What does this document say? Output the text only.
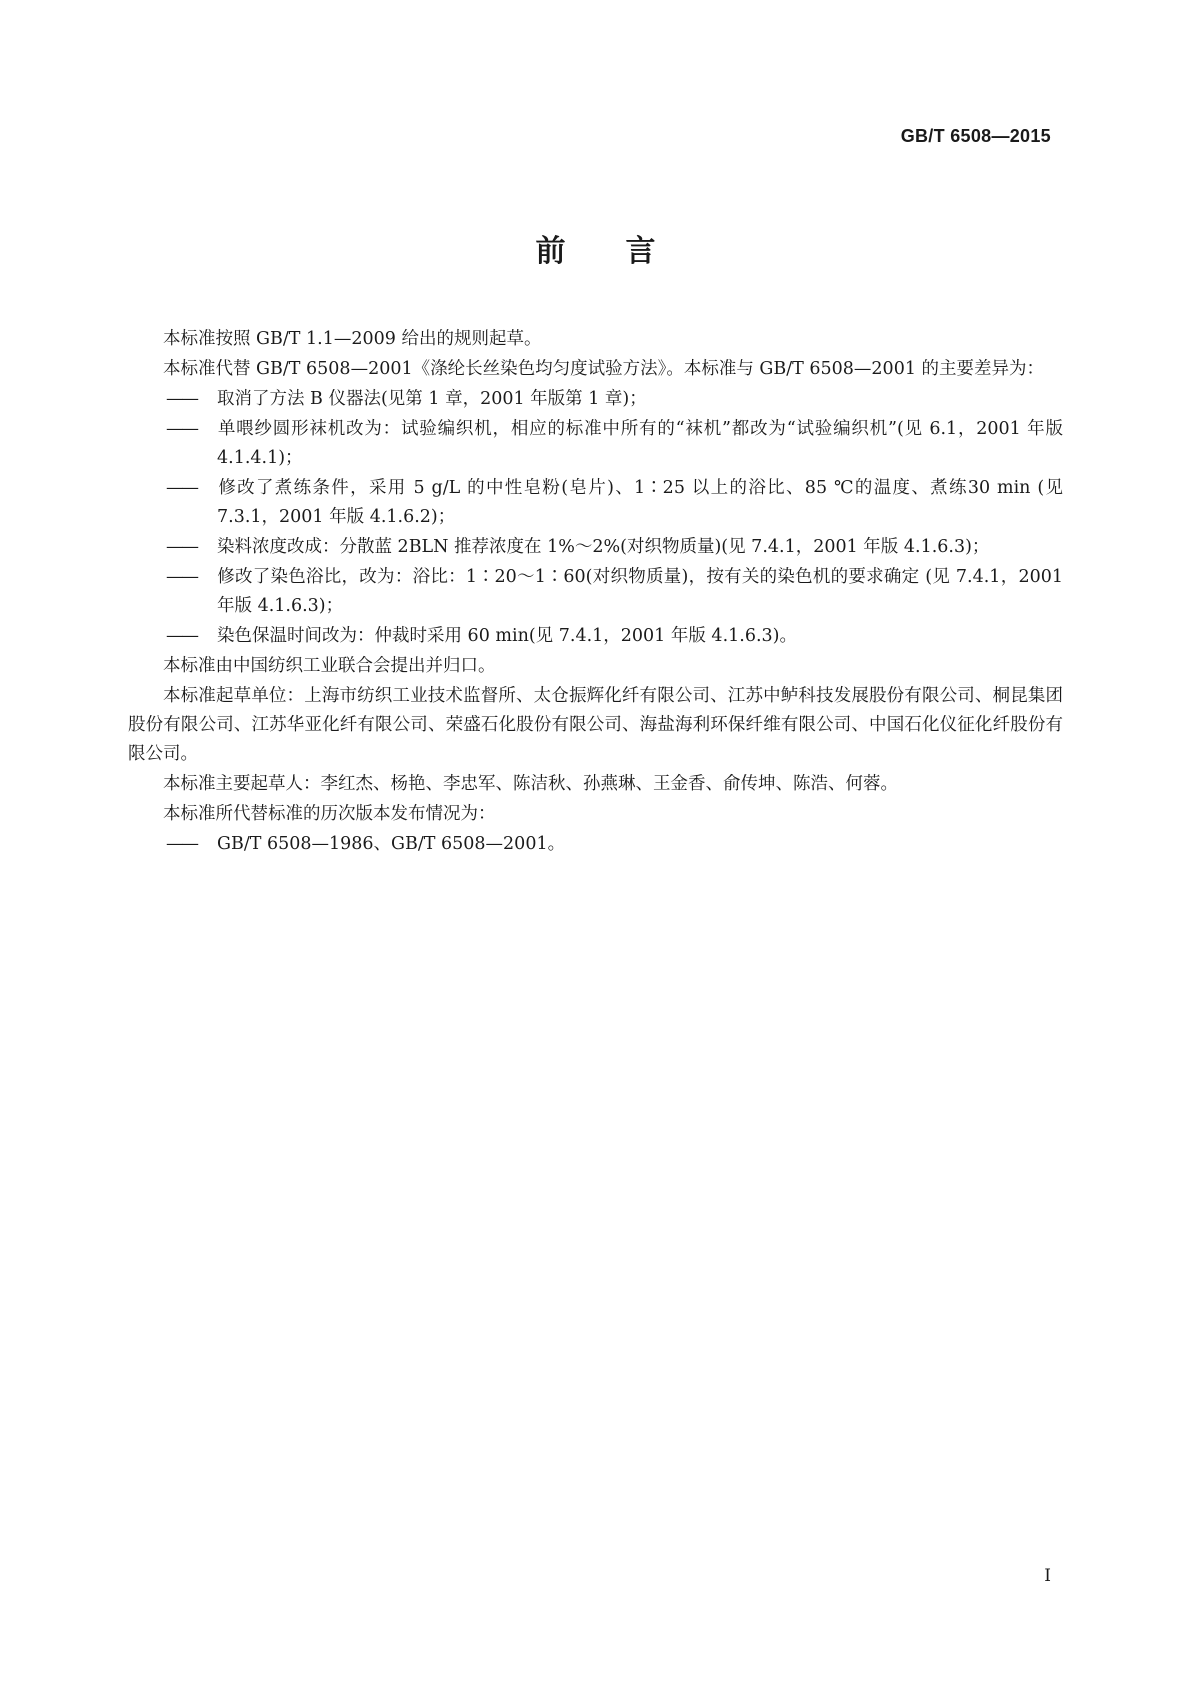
GB/T 6508—2015
前言

本标准按照 GB/T 1.1—2009 给出的规则起草。

本标准代替 GB/T 6508—2001《涤纶长丝染色均匀度试验方法》。本标准与 GB/T 6508—2001 的主要差异为：

—— 取消了方法 B 仪器法(见第 1 章，2001 年版第 1 章)；

—— 单喂纱圆形袜机改为：试验编织机，相应的标准中所有的“袜机”都改为“试验编织机”(见 6.1，2001 年版 4.1.4.1)；

—— 修改了煮练条件，采用 5 g/L 的中性皂粉(皂片)、1∶25 以上的浴比、85 ℃的温度、煮练30 min (见 7.3.1，2001 年版 4.1.6.2)；

—— 染料浓度改成：分散蓝 2BLN 推荐浓度在 1%～2%(对织物质量)(见 7.4.1，2001 年版 4.1.6.3)；

—— 修改了染色浴比，改为：浴比：1∶20～1∶60(对织物质量)，按有关的染色机的要求确定 (见 7.4.1，2001 年版 4.1.6.3)；

—— 染色保温时间改为：仲裁时采用 60 min(见 7.4.1，2001 年版 4.1.6.3)。

本标准由中国纺织工业联合会提出并归口。

本标准起草单位：上海市纺织工业技术监督所、太仓振辉化纤有限公司、江苏中鲈科技发展股份有限公司、桐昆集团股份有限公司、江苏华亚化纤有限公司、荣盛石化股份有限公司、海盐海利环保纤维有限公司、中国石化仪征化纤股份有限公司。

本标准主要起草人：李红杰、杨艳、李忠军、陈洁秋、孙燕琳、王金香、俞传坤、陈浩、何蓉。

本标准所代替标准的历次版本发布情况为：

—— GB/T 6508—1986、GB/T 6508—2001。

I
